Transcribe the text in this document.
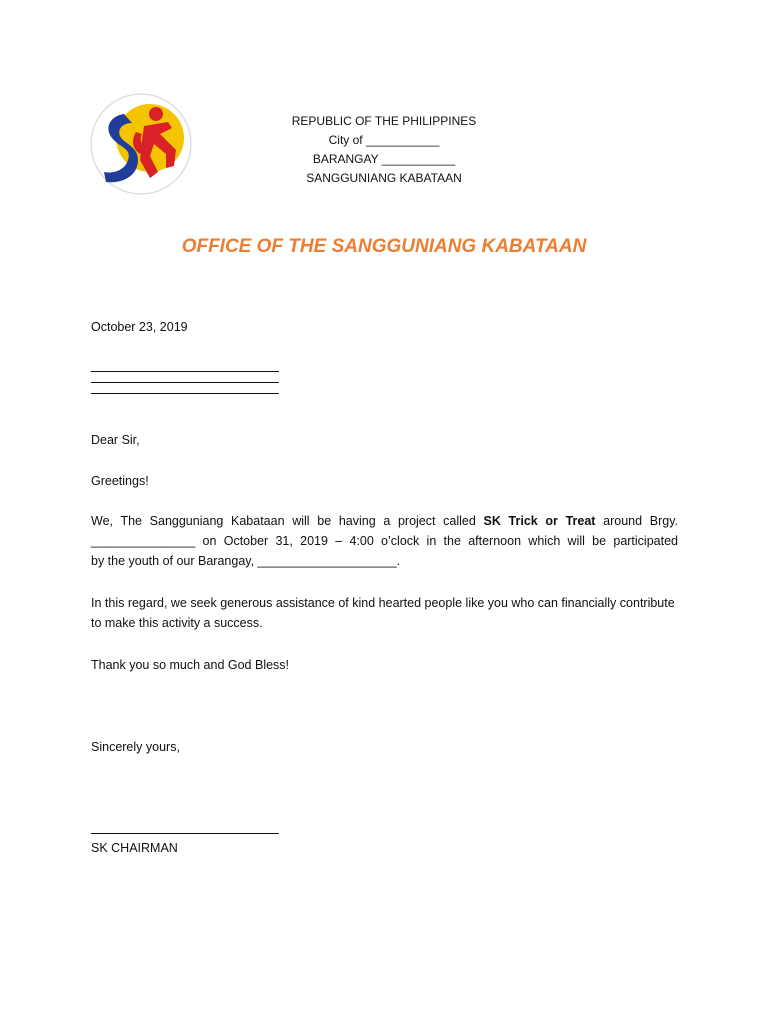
REPUBLIC OF THE PHILIPPINES
City of ___________
BARANGAY ___________
SANGGUNIANG KABATAAN
OFFICE OF THE SANGGUNIANG KABATAAN
October 23, 2019
Dear Sir,
Greetings!
We, The Sangguniang Kabataan will be having a project called SK Trick or Treat around Brgy.
_______________ on October 31, 2019 – 4:00 o’clock in the afternoon which will be participated
by the youth of our Barangay, ____________________.
In this regard, we seek generous assistance of kind hearted people like you who can financially contribute to make this activity a success.
Thank you so much and God Bless!
Sincerely yours,
SK CHAIRMAN
